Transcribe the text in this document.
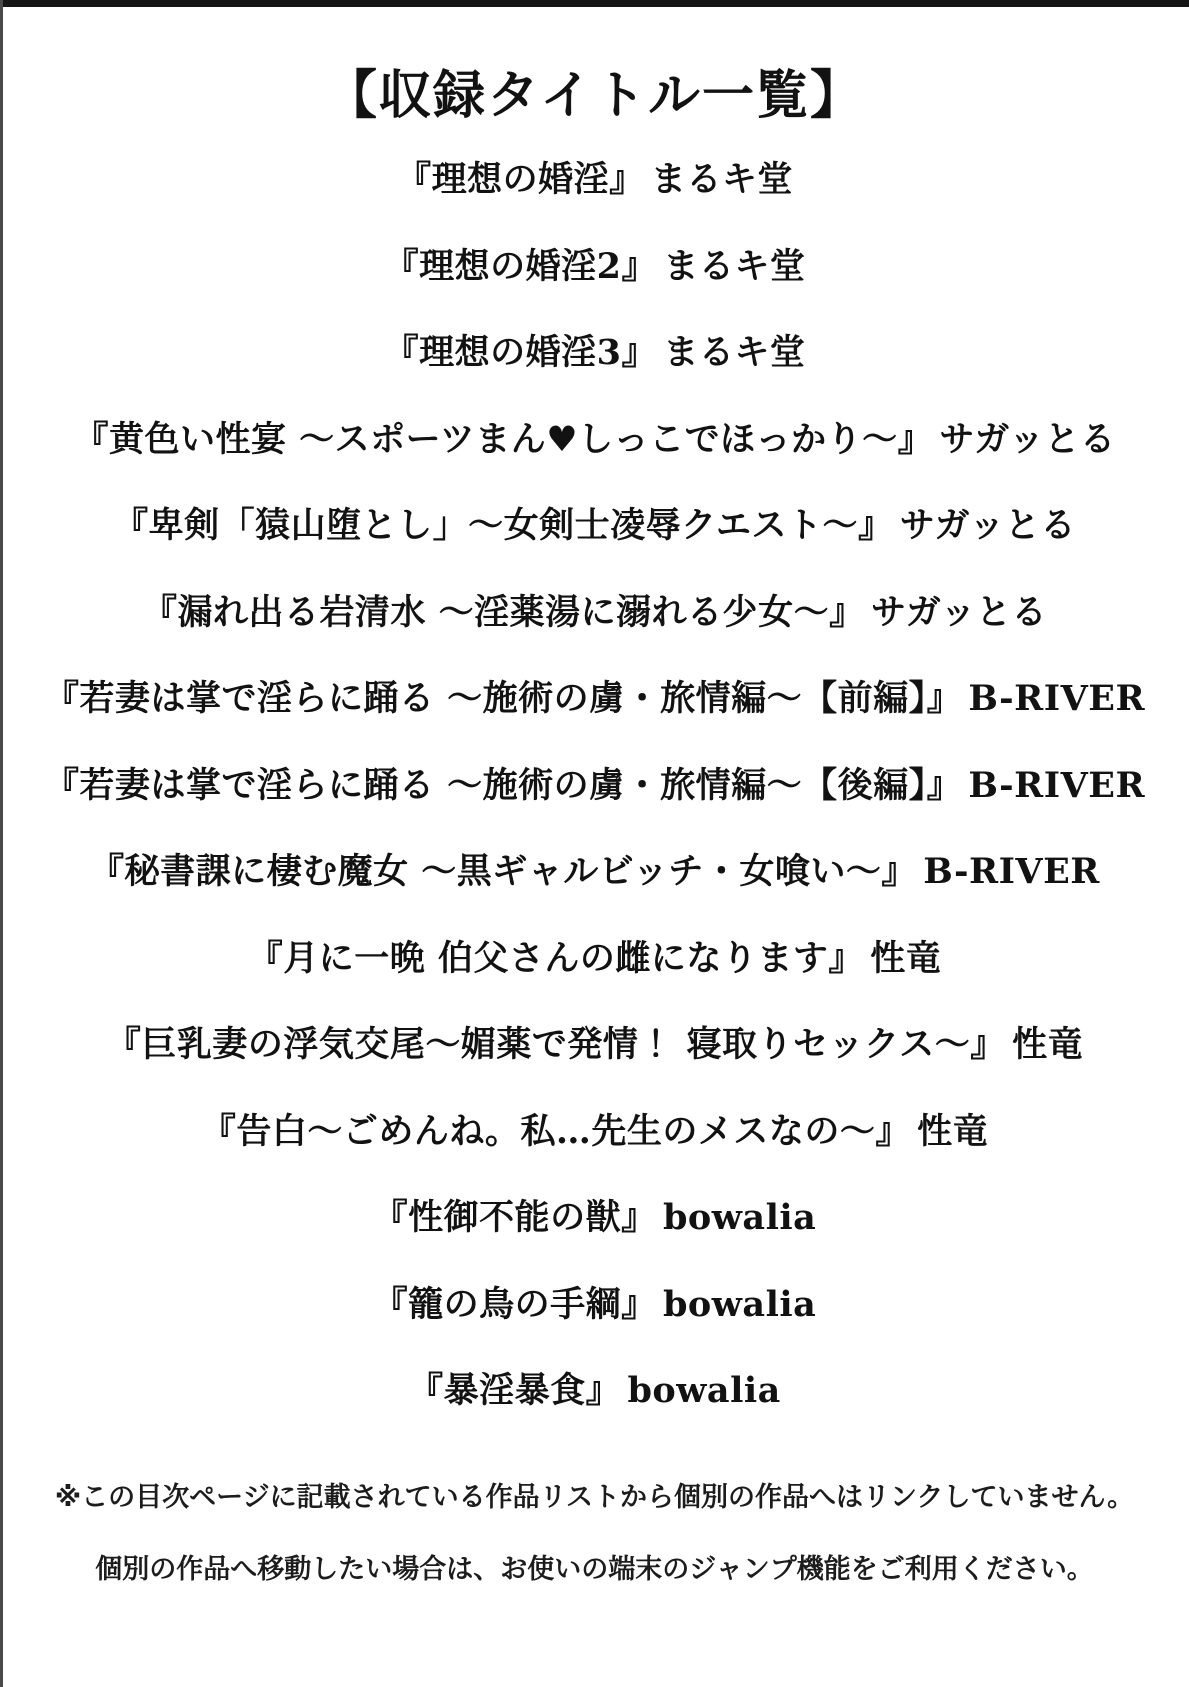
【収録タイトル一覧】
『理想の婚淫』 まるキ堂
『理想の婚淫2』 まるキ堂
『理想の婚淫3』 まるキ堂
『黄色い性宴 ～スポーツまん♥しっこでほっかり～』 サガッとる
『卑剣「猿山堕とし」～女剣士凌辱クエスト～』 サガッとる
『漏れ出る岩清水 ～淫薬湯に溺れる少女～』 サガッとる
『若妻は掌で淫らに踊る ～施術の虜・旅情編～【前編】』 B-RIVER
『若妻は掌で淫らに踊る ～施術の虜・旅情編～【後編】』 B-RIVER
『秘書課に棲む魔女 ～黒ギャルビッチ・女喰い～』 B-RIVER
『月に一晩 伯父さんの雌になります』 性竜
『巨乳妻の浮気交尾～媚薬で発情！ 寝取りセックス～』 性竜
『告白～ごめんね。私…先生のメスなの～』 性竜
『性御不能の獣』 bowalia
『籠の鳥の手綱』 bowalia
『暴淫暴食』 bowalia
※この目次ページに記載されている作品リストから個別の作品へはリンクしていません。
個別の作品へ移動したい場合は、お使いの端末のジャンプ機能をご利用ください。
